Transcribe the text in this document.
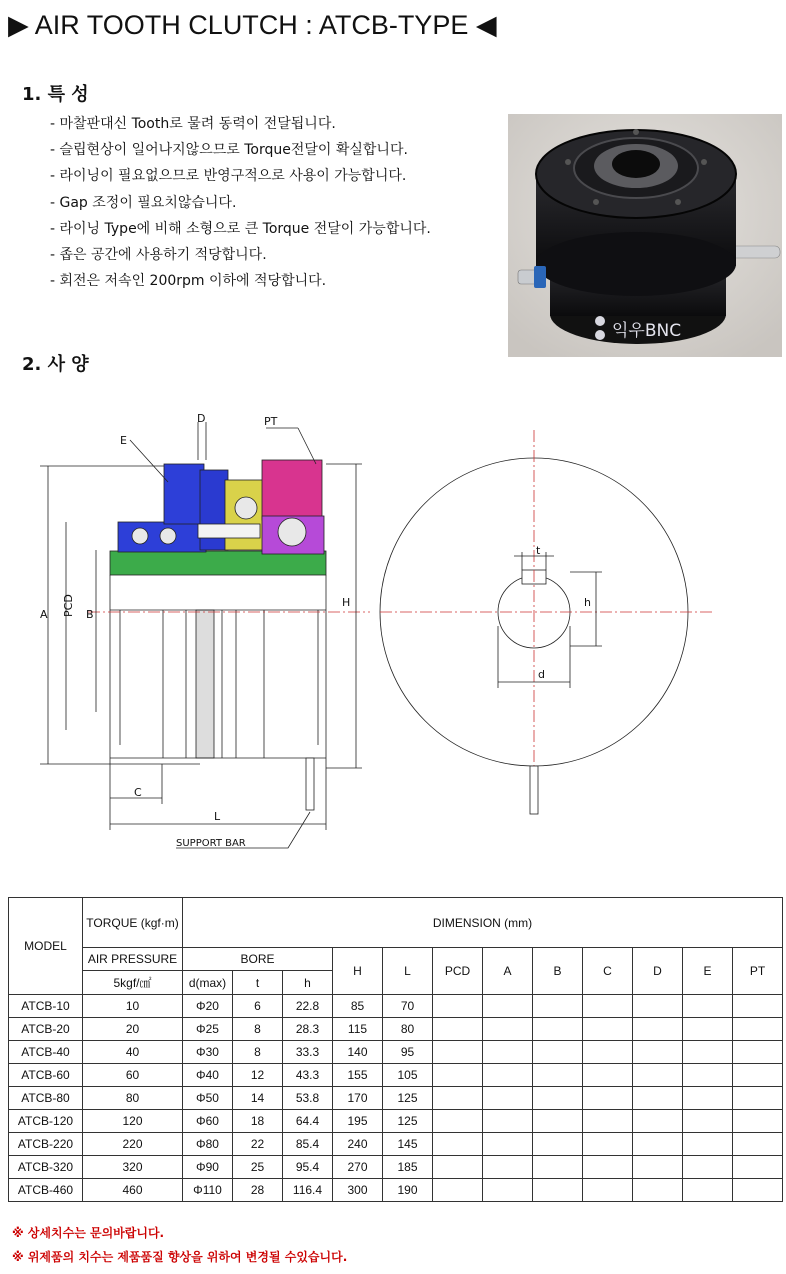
▶ AIR TOOTH CLUTCH : ATCB-TYPE ◀
1. 특 성
- 마찰판대신 Tooth로 물려 동력이 전달됩니다.
- 슬립현상이 일어나지않으므로 Torque전달이 확실합니다.
- 라이닝이 필요없으므로 반영구적으로 사용이 가능합니다.
- Gap 조정이 필요치않습니다.
- 라이닝 Type에 비해 소형으로 큰 Torque 전달이 가능합니다.
- 좁은 공간에 사용하기 적당합니다.
- 회전은 저속인 200rpm 이하에 적당합니다.
익우BNC
2. 사 양
D	PT
E
A PCD B
H
C
L
SUPPORT BAR
t
h
d
MODEL	TORQUE (kgf·m)	DIMENSION (mm)											
	AIR PRESSURE	BORE			H	L	PCD	A	B	C	D	E	PT
	5kgf/㎠	d(max)	t	h									
ATCB-10	10	Φ20	6	22.8	85	70							
ATCB-20	20	Φ25	8	28.3	115	80							
ATCB-40	40	Φ30	8	33.3	140	95							
ATCB-60	60	Φ40	12	43.3	155	105							
ATCB-80	80	Φ50	14	53.8	170	125							
ATCB-120	120	Φ60	18	64.4	195	125							
ATCB-220	220	Φ80	22	85.4	240	145							
ATCB-320	320	Φ90	25	95.4	270	185							
ATCB-460	460	Φ110	28	116.4	300	190							
※ 상세치수는 문의바랍니다.
※ 위제품의 치수는 제품품질 향상을 위하여 변경될 수있습니다.
